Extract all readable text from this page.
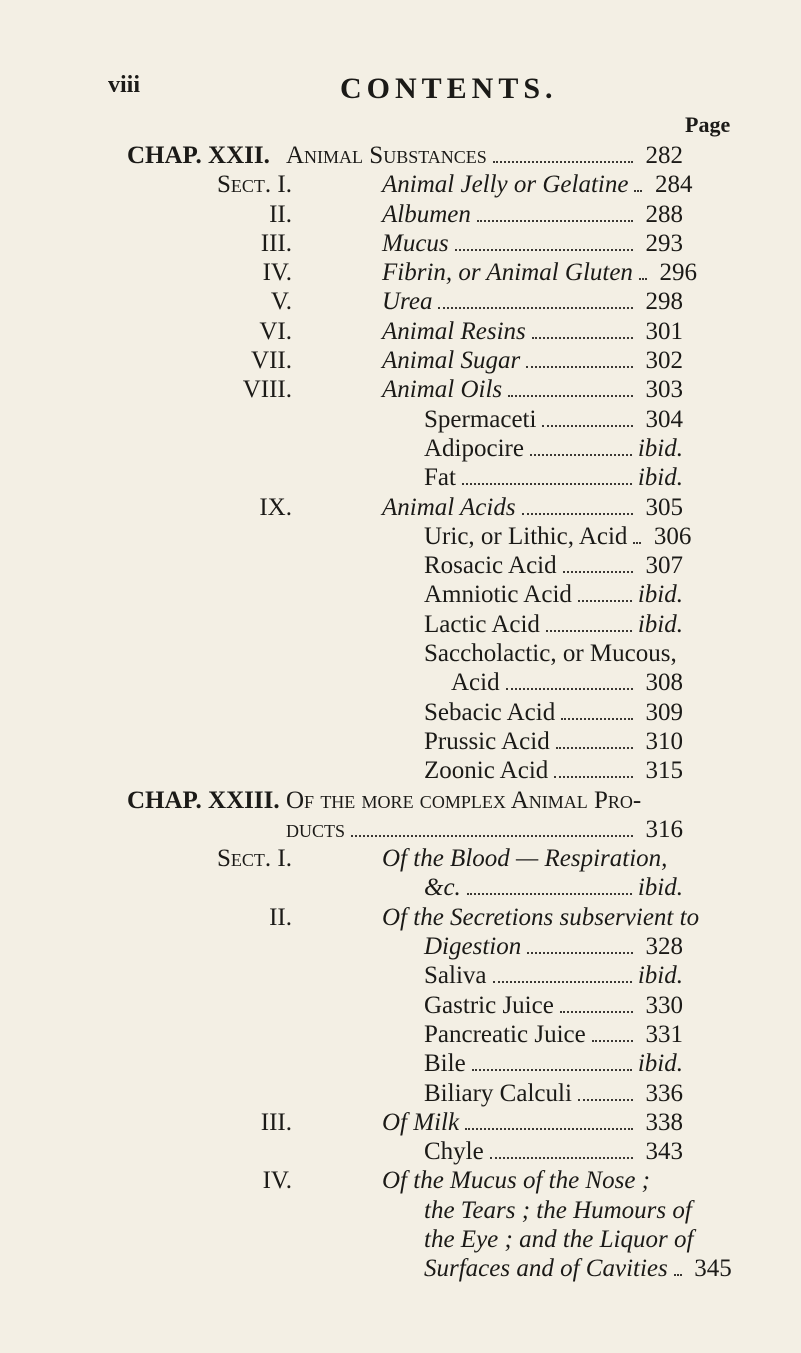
viii	CONTENTS.
Page
CHAP. XXII. Animal Substances	282
Sect. I.	Animal Jelly or Gelatine 284
II.	Albumen	288
III.	Mucus	293
IV.	Fibrin, or Animal Gluten 296
V.	Urea	298
VI.	Animal Resins	301
VII.	Animal Sugar	302
VIII.	Animal Oils	303
Spermaceti	304
Adipocire	ibid.
Fat	ibid.
IX.	Animal Acids	305
Uric, or Lithic, Acid 306
Rosacic Acid	307
Amniotic Acid	ibid.
Lactic Acid	ibid.
Saccholactic, or Mucous,
Acid	308
Sebacic Acid	309
Prussic Acid	310
Zoonic Acid	315
CHAP. XXIII. Of the more complex Animal Pro-
ducts	316
Sect. I.	Of the Blood — Respiration,
&c.	ibid.
II.	Of the Secretions subservient to
Digestion	328
Saliva	ibid.
Gastric Juice	330
Pancreatic Juice 331
Bile	ibid.
Biliary Calculi	336
III.	Of Milk	338
Chyle	343
IV.	Of the Mucus of the Nose ;
the Tears ; the Humours of
the Eye ; and the Liquor of
Surfaces and of Cavities 345
